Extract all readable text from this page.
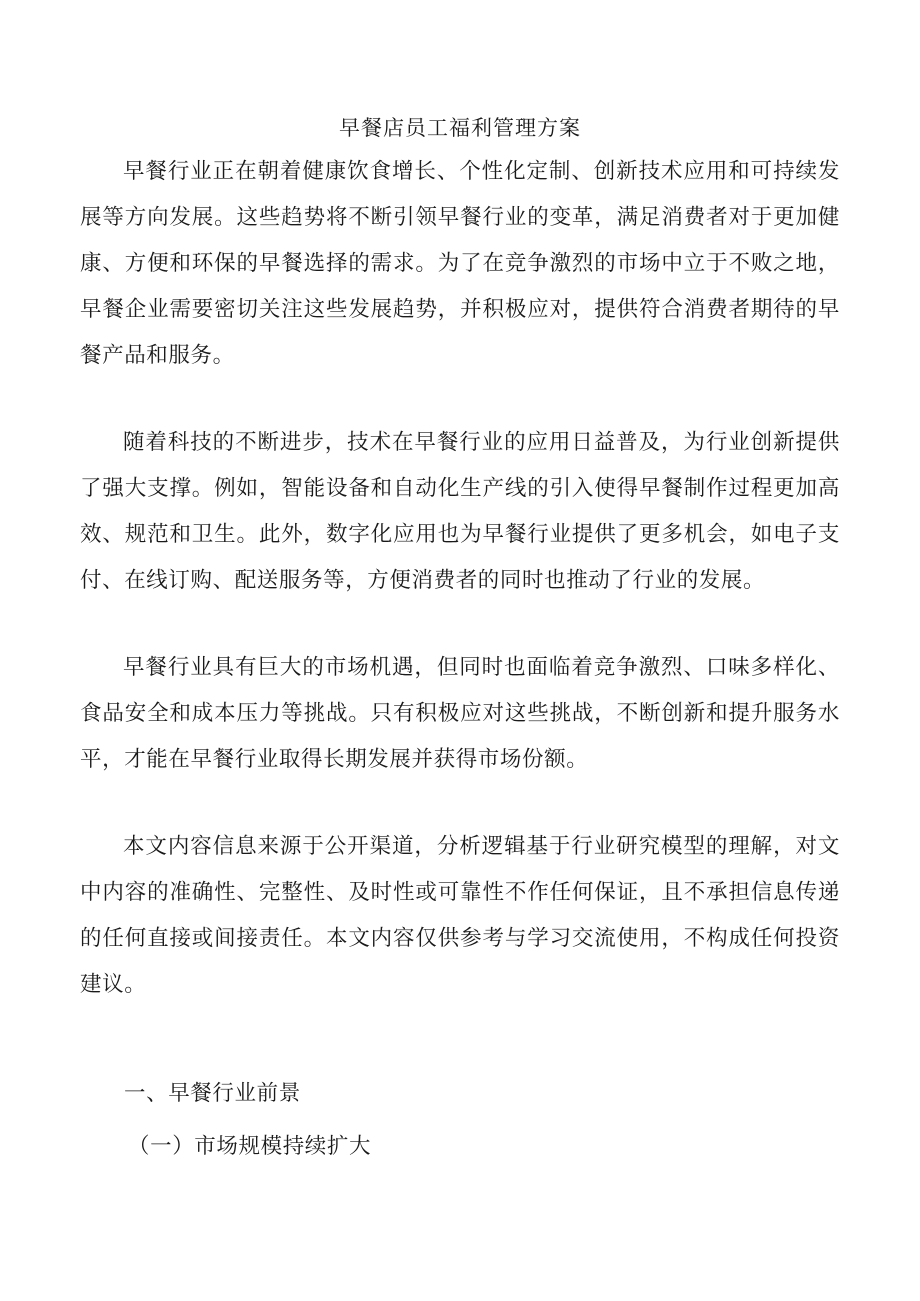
早餐店员工福利管理方案

早餐行业正在朝着健康饮食增长、个性化定制、创新技术应用和可持续发展等方向发展。这些趋势将不断引领早餐行业的变革，满足消费者对于更加健康、方便和环保的早餐选择的需求。为了在竞争激烈的市场中立于不败之地，早餐企业需要密切关注这些发展趋势，并积极应对，提供符合消费者期待的早餐产品和服务。

随着科技的不断进步，技术在早餐行业的应用日益普及，为行业创新提供了强大支撑。例如，智能设备和自动化生产线的引入使得早餐制作过程更加高效、规范和卫生。此外，数字化应用也为早餐行业提供了更多机会，如电子支付、在线订购、配送服务等，方便消费者的同时也推动了行业的发展。

早餐行业具有巨大的市场机遇，但同时也面临着竞争激烈、口味多样化、食品安全和成本压力等挑战。只有积极应对这些挑战，不断创新和提升服务水平，才能在早餐行业取得长期发展并获得市场份额。

本文内容信息来源于公开渠道，分析逻辑基于行业研究模型的理解，对文中内容的准确性、完整性、及时性或可靠性不作任何保证，且不承担信息传递的任何直接或间接责任。本文内容仅供参考与学习交流使用，不构成任何投资建议。

一、早餐行业前景
（一）市场规模持续扩大
